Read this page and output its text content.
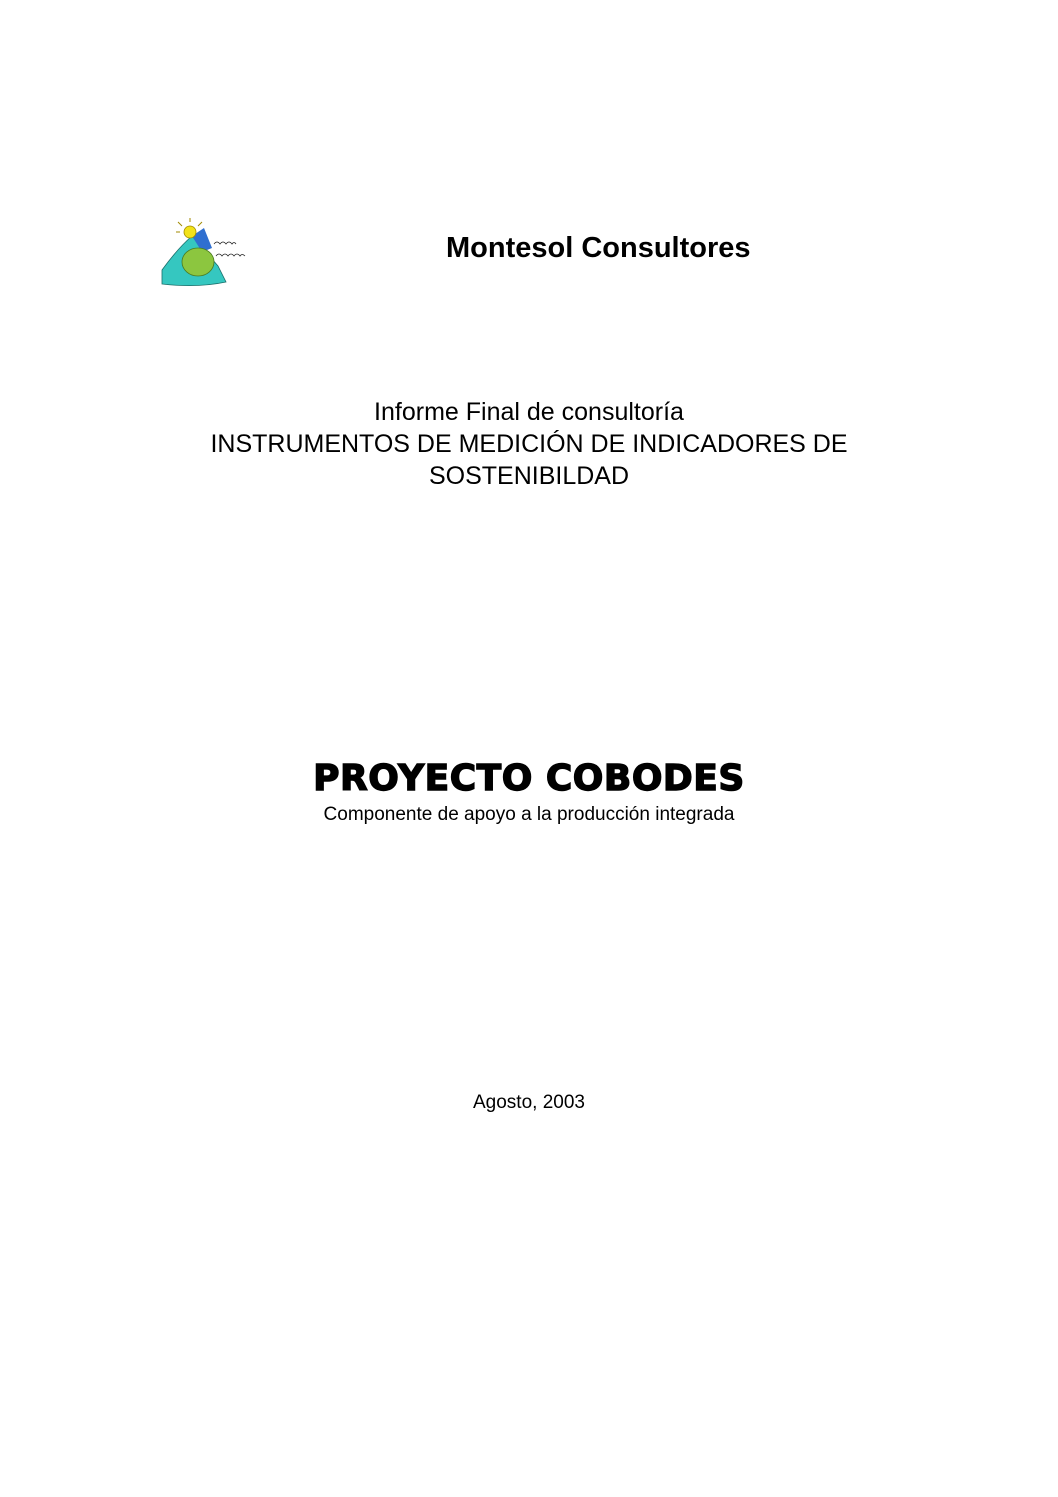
Montesol Consultores
Informe Final de consultoría
INSTRUMENTOS DE MEDICIÓN DE INDICADORES DE
SOSTENIBILDAD
PROYECTO COBODES
Componente de apoyo a la producción integrada
Agosto, 2003
